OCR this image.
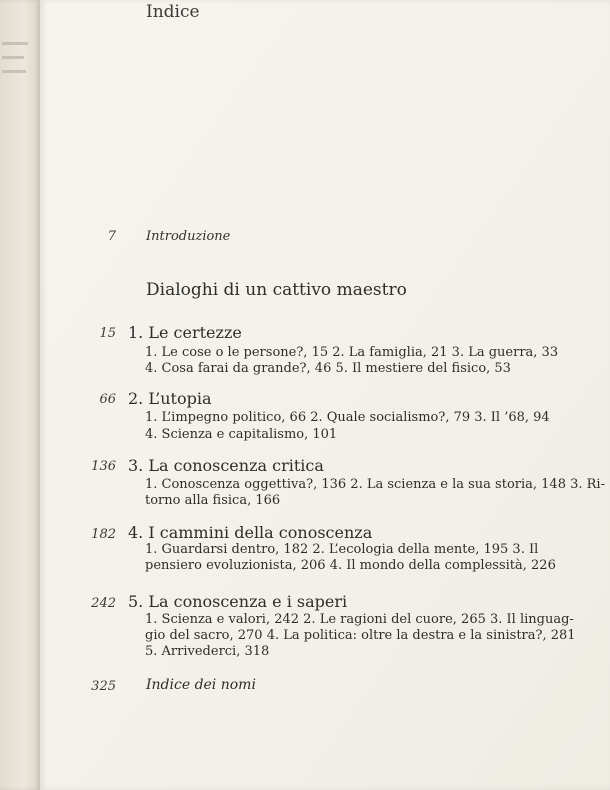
Indice
7 Introduzione
Dialoghi di un cattivo maestro
15 1. Le certezze
1. Le cose o le persone?, 15 2. La famiglia, 21 3. La guerra, 33
4. Cosa farai da grande?, 46 5. Il mestiere del fisico, 53
66 2. L’utopia
1. L’impegno politico, 66 2. Quale socialismo?, 79 3. Il ’68, 94
4. Scienza e capitalismo, 101
136 3. La conoscenza critica
1. Conoscenza oggettiva?, 136 2. La scienza e la sua storia, 148 3. Ri-
torno alla fisica, 166
182 4. I cammini della conoscenza
1. Guardarsi dentro, 182 2. L’ecologia della mente, 195 3. Il
pensiero evoluzionista, 206 4. Il mondo della complessità, 226
242 5. La conoscenza e i saperi
1. Scienza e valori, 242 2. Le ragioni del cuore, 265 3. Il linguag-
gio del sacro, 270 4. La politica: oltre la destra e la sinistra?, 281
5. Arrivederci, 318
325 Indice dei nomi
